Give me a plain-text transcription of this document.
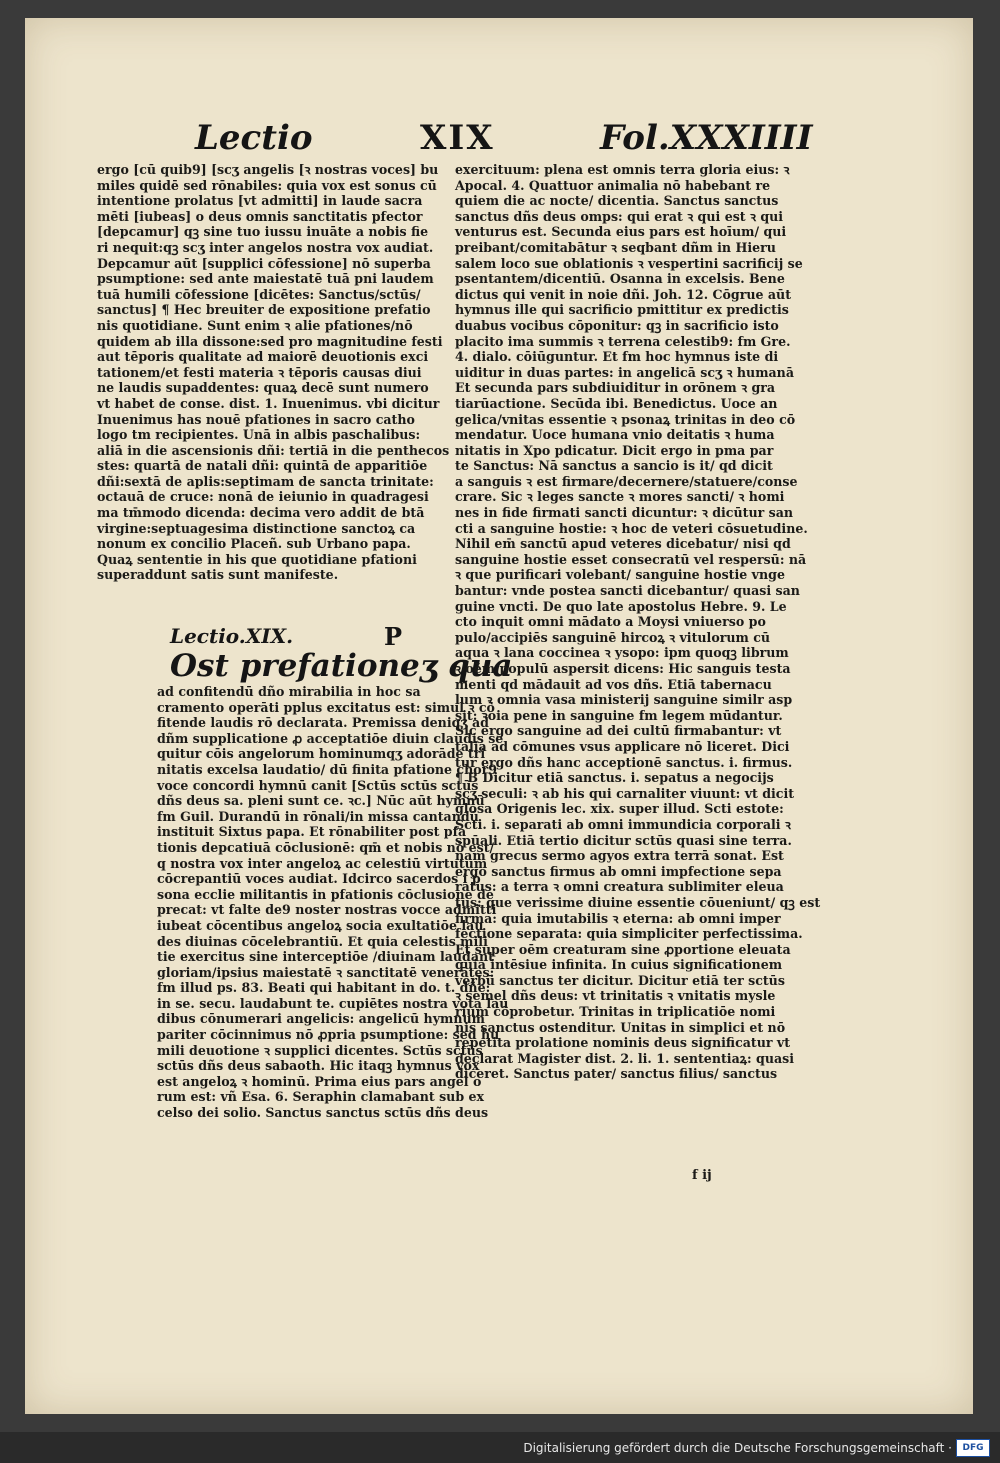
Lectio	XIX	Fol.XXXIIII
ergo [cū quib9] [scʒ angelis [ꝛ nostras voces] bu
miles quidē sed rōnabiles: quia vox est sonus cū
intentione prolatus [vt admitti] in laude sacra
mēti [iubeas] o deus omnis sanctitatis pfector
[depcamur] qꝫ sine tuo iussu inuāte a nobis fie
ri nequit:qꝫ scʒ inter angelos nostra vox audiat.
Depcamur aūt [supplici cōfessione] nō superba
psumptione: sed ante maiestatē tuā pni laudem
tuā humili cōfessione [dicētes: Sanctus/sctūs/
sanctus] ¶ Hec breuiter de expositione prefatio
nis quotidiane. Sunt enim ꝛ alie pfationes/nō
quidem ab illa dissone:sed pro magnitudine festi
aut tēporis qualitate ad maiorē deuotionis exci
tationem/et festi materia ꝛ tēporis causas diui
ne laudis supaddentes: quaꝝ decē sunt numero
vt habet de conse. dist. 1. Inuenimus. vbi dicitur
Inuenimus has nouē pfationes in sacro catho
logo tm recipientes. Unā in albis paschalibus:
aliā in die ascensionis dñi: tertiā in die penthecos
stes: quartā de natali dñi: quintā de apparitiōe
dñi:sextā de aplis:septimam de sancta trinitate:
octauā de cruce: nonā de ieiunio in quadragesi
ma tm̄modo dicenda: decima vero addit de btā
virgine:septuagesima distinctione sanctoꝝ ca
nonum ex concilio Placeñ. sub Urbano papa.
Quaꝝ sententie in his que quotidiane pfationi
superaddunt satis sunt manifeste.
Lectio.XIX.	P
Ost prefationeʒ qua
ad confitendū dño mirabilia in hoc sa
cramento operāti pplus excitatus est: simul ꝛ cō
fitende laudis rō declarata. Premissa deniqʒ ad
dñm supplicatione ꝓ acceptatiōe diuin claudis se
quitur cōis angelorum hominumqʒ adorāde tri
nitatis excelsa laudatio/ dū finita pfatione chor9
voce concordi hymnū canit [Sctūs sctūs sctūs
dñs deus sa. pleni sunt ce. ꝛc.] Nūc aūt hymnū
fm Guil. Durandū in rōnali/in missa cantandū
instituit Sixtus papa. Et rōnabiliter post pfa
tionis depcatiuā cōclusionē: qm̄ et nobis nō est/
q nostra vox inter angeloꝝ ac celestiū virtutum
cōcrepantiū voces audiat. Idcirco sacerdos i p
sona ecclie militantis in pfationis cōclusione de
precat: vt falte de9 noster nostras vocce admitti
iubeat cōcentibus angeloꝝ socia exultatiōe lau
des diuinas cōcelebrantiū. Et quia celestis mili
tie exercitus sine interceptiōe /diuinam laudant
gloriam/ipsius maiestatē ꝛ sanctitatē venerātes:
fm illud ps. 83. Beati qui habitant in do. t. dñe:
in se. secu. laudabunt te. cupiētes nostra vota lau
dibus cōnumerari angelicis: angelicū hymnum
pariter cōcinnimus nō ꝓpria psumptione: sed hu
mili deuotione ꝛ supplici dicentes. Sctūs sctūs
sctūs dñs deus sabaoth. Hic itaqꝫ hymnus vox
est angeloꝝ ꝛ hominū. Prima eius pars angel o
rum est: vñ Esa. 6. Seraphin clamabant sub ex
celso dei solio. Sanctus sanctus sctūs dñs deus
exercituum: plena est omnis terra gloria eius: ꝛ
Apocal. 4. Quattuor animalia nō habebant re
quiem die ac nocte/ dicentia. Sanctus sanctus
sanctus dñs deus omps: qui erat ꝛ qui est ꝛ qui
venturus est. Secunda eius pars est hoīum/ qui
preibant/comitabātur ꝛ seqbant dñm in Hieru
salem loco sue oblationis ꝛ vespertini sacrificij se
psentantem/dicentiū. Osanna in excelsis. Bene
dictus qui venit in noie dñi. Joh. 12. Cōgrue aūt
hymnus ille qui sacrificio pmittitur ex predictis
duabus vocibus cōponitur: qꝫ in sacrificio isto
placito ima summis ꝛ terrena celestib9: fm Gre.
4. dialo. cōiūguntur. Et fm hoc hymnus iste di
uiditur in duas partes: in angelicā scʒ ꝛ humanā
Et secunda pars subdiuiditur in orōnem ꝛ gra
tiarūactione. Secūda ibi. Benedictus. Uoce an
gelica/vnitas essentie ꝛ psonaꝝ trinitas in deo cō
mendatur. Uoce humana vnio deitatis ꝛ huma
nitatis in Xpo pdicatur. Dicit ergo in pma par
te Sanctus: Nā sanctus a sancio is it/ qd dicit
a sanguis ꝛ est firmare/decernere/statuere/conse
crare. Sic ꝛ leges sancte ꝛ mores sancti/ ꝛ homi
nes in fide firmati sancti dicuntur: ꝛ dicūtur san
cti a sanguine hostie: ꝛ hoc de veteri cōsuetudine.
Nihil em̄ sanctū apud veteres dicebatur/ nisi qd
sanguine hostie esset consecratū vel respersū: nā
ꝛ que purificari volebant/ sanguine hostie vnge
bantur: vnde postea sancti dicebantur/ quasi san
guine vncti. De quo late apostolus Hebre. 9. Le
cto inquit omni mādato a Moysi vniuerso po
pulo/accipiēs sanguinē hircoꝝ ꝛ vitulorum cū
aqua ꝛ lana coccinea ꝛ ysopo: ipm quoqꝫ librum
ꝛ oēm populū aspersit dicens: Hic sanguis testa
menti qd mādauit ad vos dñs. Etiā tabernacu
lum ꝛ omnia vasa ministerij sanguine similr asp
sit: ꝛoia pene in sanguine fm legem mūdantur.
Sic ergo sanguine ad dei cultū firmabantur: vt
talia ad cōmunes vsus applicare nō liceret. Dici
tur ergo dñs hanc acceptionē sanctus. i. firmus.
¶ B Dicitur etiā sanctus. i. sepatus a negocijs
scʒ seculi: ꝛ ab his qui carnaliter viuunt: vt dicit
glosa Origenis lec. xix. super illud. Scti estote:
Scti. i. separati ab omni immundicia corporali ꝛ
spūali. Etiā tertio dicitur sctūs quasi sine terra.
nam grecus sermo agyos extra terrā sonat. Est
ergo sanctus firmus ab omni impfectione sepa
ratus: a terra ꝛ omni creatura sublimiter eleua
tus: que verissime diuine essentie cōueniunt/ qꝫ est
firma: quia imutabilis ꝛ eterna: ab omni imper
fectione separata: quia simpliciter perfectissima.
Et super oēm creaturam sine ꝓportione eleuata
quia intēsiue infinita. In cuius significationem
verbū sanctus ter dicitur. Dicitur etiā ter sctūs
ꝛ semel dñs deus: vt trinitatis ꝛ vnitatis mysle
rium cōprobetur. Trinitas in triplicatiōe nomi
nis sanctus ostenditur. Unitas in simplici et nō
repetita prolatione nominis deus significatur vt
declarat Magister dist. 2. li. 1. sententiaꝝ: quasi
diceret. Sanctus pater/ sanctus filius/ sanctus
f ij
Digitalisierung gefördert durch die Deutsche Forschungsgemeinschaft ·	DFG
